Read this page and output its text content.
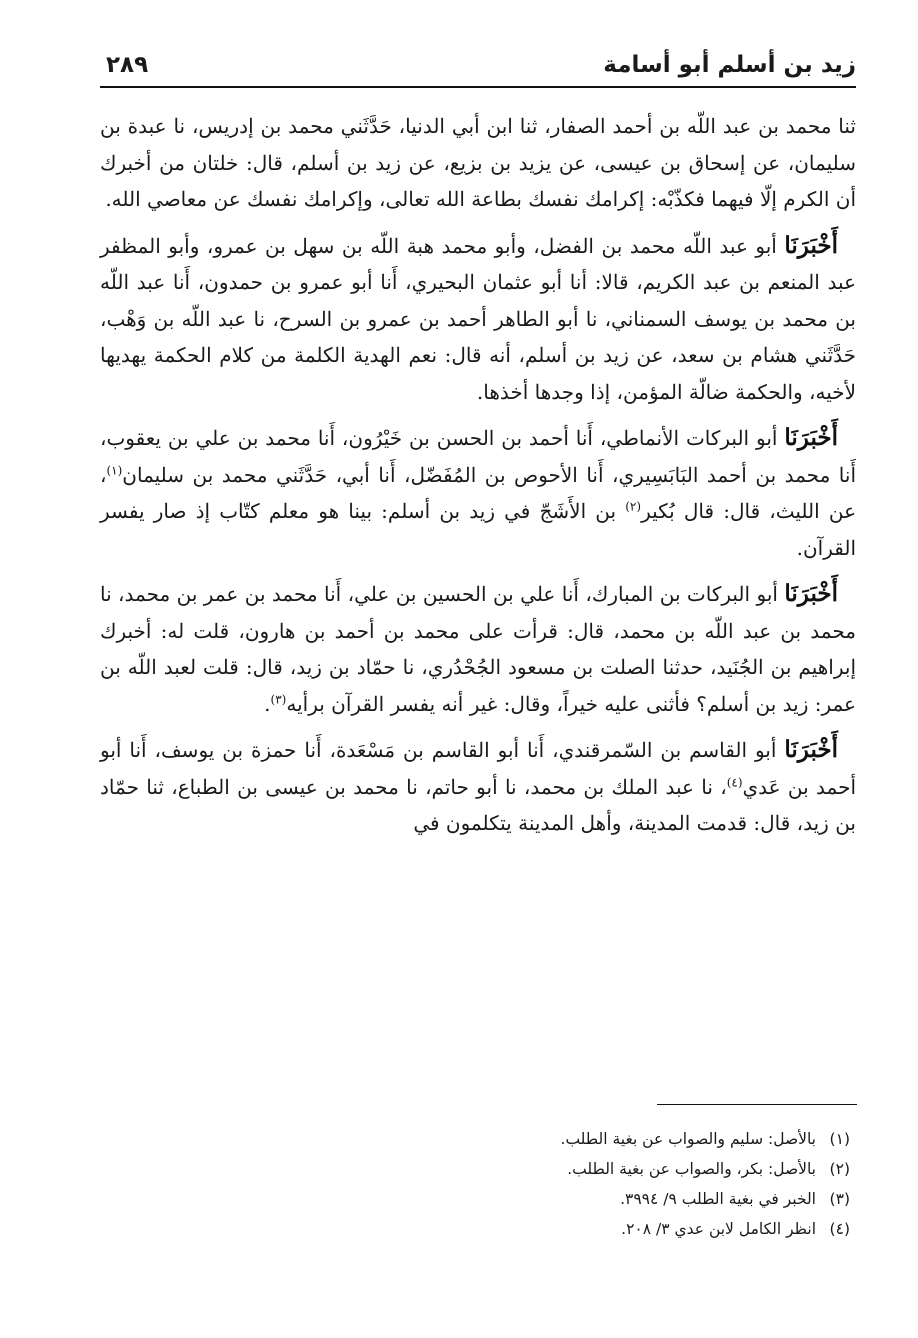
زيد بن أسلم أبو أسامة
٢٨٩

ثنا محمد بن عبد اللّه بن أحمد الصفار، ثنا ابن أبي الدنيا، حَدَّثَني محمد بن إدريس، نا عبدة بن سليمان، عن إسحاق بن عيسى، عن يزيد بن بزيع، عن زيد بن أسلم، قال: خلتان من أخبرك أن الكرم إلّا فيهما فكذّبْه: إكرامك نفسك بطاعة الله تعالى، وإكرامك نفسك عن معاصي الله.

أَخْبَرَنَا أبو عبد اللّه محمد بن الفضل، وأبو محمد هبة اللّه بن سهل بن عمرو، وأبو المظفر عبد المنعم بن عبد الكريم، قالا: أنا أبو عثمان البحيري، أَنا أبو عمرو بن حمدون، أَنا عبد اللّه بن محمد بن يوسف السمناني، نا أبو الطاهر أحمد بن عمرو بن السرح، نا عبد اللّه بن وَهْب، حَدَّثَني هشام بن سعد، عن زيد بن أسلم، أنه قال: نعم الهدية الكلمة من كلام الحكمة يهديها لأخيه، والحكمة ضالّة المؤمن، إذا وجدها أخذها.

أَخْبَرَنَا أبو البركات الأنماطي، أَنا أحمد بن الحسن بن خَيْرُون، أَنا محمد بن علي بن يعقوب، أَنا محمد بن أحمد البَابَسِيري، أَنا الأحوص بن المُفَضّل، أَنا أبي، حَدَّثَني محمد بن سليمان$^{(١)}$، عن الليث، قال: قال بُكير$^{(٢)}$ بن الأَشَجّ في زيد بن أسلم: بينا هو معلم كتّاب إذ صار يفسر القرآن.

أَخْبَرَنَا أبو البركات بن المبارك، أَنا علي بن الحسين بن علي، أَنا محمد بن عمر بن محمد، نا محمد بن عبد اللّه بن محمد، قال: قرأت على محمد بن أحمد بن هارون، قلت له: أخبرك إبراهيم بن الجُنَيد، حدثنا الصلت بن مسعود الجُحْدُري، نا حمّاد بن زيد، قال: قلت لعبد اللّه بن عمر: زيد بن أسلم؟ فأثنى عليه خيراً، وقال: غير أنه يفسر القرآن برأيه$^{(٣)}$.

أَخْبَرَنَا أبو القاسم بن السّمرقندي، أَنا أبو القاسم بن مَسْعَدة، أَنا حمزة بن يوسف، أَنا أبو أحمد بن عَدي$^{(٤)}$، نا عبد الملك بن محمد، نا أبو حاتم، نا محمد بن عيسى بن الطباع، ثنا حمّاد بن زيد، قال: قدمت المدينة، وأهل المدينة يتكلمون في

(١)بالأصل: سليم والصواب عن بغية الطلب.

(٢)بالأصل: بكر، والصواب عن بغية الطلب.

(٣)الخبر في بغية الطلب ٩/ ٣٩٩٤.

(٤)انظر الكامل لابن عدي ٣/ ٢٠٨.
